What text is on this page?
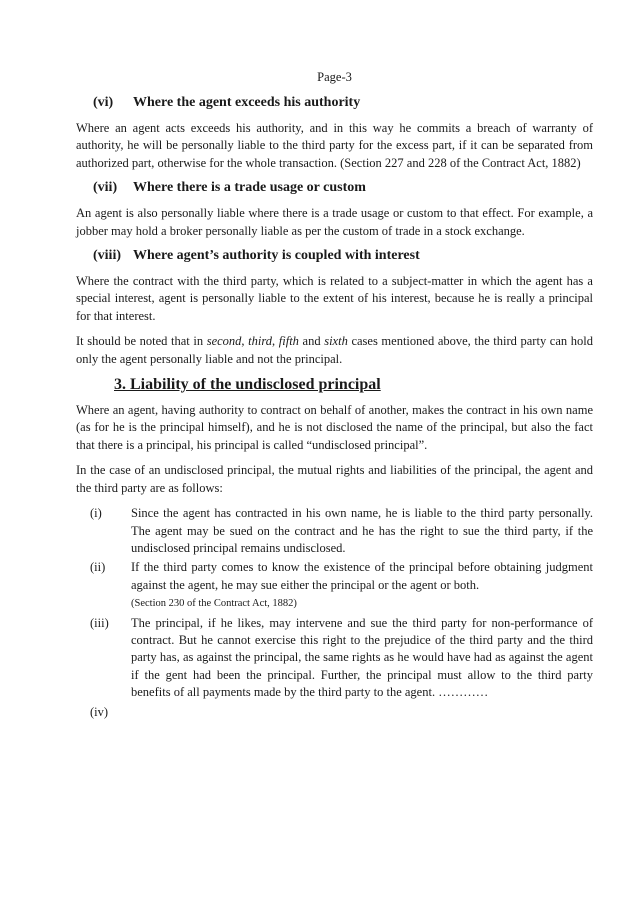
Page-3
(vi)	Where the agent exceeds his authority

Where an agent acts exceeds his authority, and in this way he commits a breach of warranty of authority, he will be personally liable to the third party for the excess part, if it can be separated from authorized part, otherwise for the whole transaction. (Section 227 and 228 of the Contract Act, 1882)

(vii)	Where there is a trade usage or custom

An agent is also personally liable where there is a trade usage or custom to that effect. For example, a jobber may hold a broker personally liable as per the custom of trade in a stock exchange.

(viii) Where agent’s authority is coupled with interest

Where the contract with the third party, which is related to a subject-matter in which the agent has a special interest, agent is personally liable to the extent of his interest, because he is really a principal for that interest.

It should be noted that in second, third, fifth and sixth cases mentioned above, the third party can hold only the agent personally liable and not the principal.

3. Liability of the undisclosed principal

Where an agent, having authority to contract on behalf of another, makes the contract in his own name (as for he is the principal himself), and he is not disclosed the name of the principal, but also the fact that there is a principal, his principal is called “undisclosed principal”.

In the case of an undisclosed principal, the mutual rights and liabilities of the principal, the agent and the third party are as follows:

(i)	Since the agent has contracted in his own name, he is liable to the third party personally. The agent may be sued on the contract and he has the right to sue the third party, if the undisclosed principal remains undisclosed.
(ii)	If the third party comes to know the existence of the principal before obtaining judgment against the agent, he may sue either the principal or the agent or both.
(Section 230 of the Contract Act, 1882)
(iii)	The principal, if he likes, may intervene and sue the third party for non-performance of contract. But he cannot exercise this right to the prejudice of the third party and the third party has, as against the principal, the same rights as he would have had as against the agent if the gent had been the principal. Further, the principal must allow to the third party benefits of all payments made by the third party to the agent. …………
(iv)
